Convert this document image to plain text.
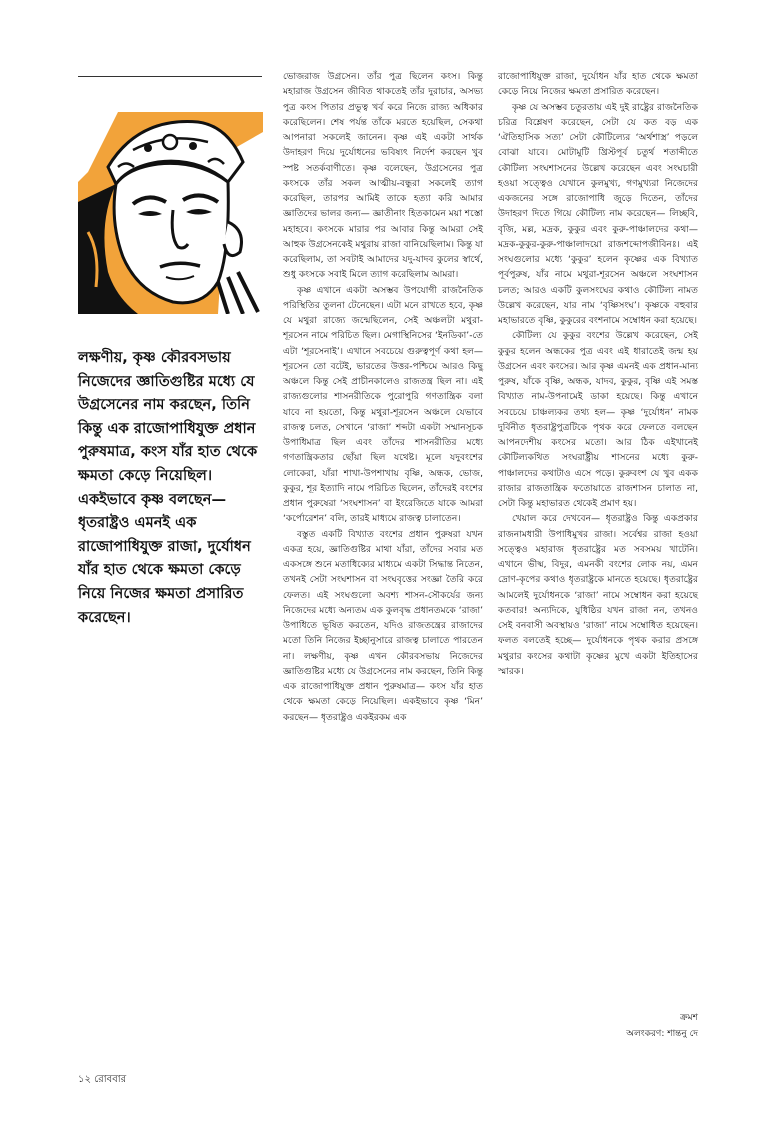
লক্ষণীয়, কৃষ্ণ কৌরবসভায় নিজেদের জ্ঞাতিগুষ্টির মধ্যে যে উগ্রসেনের নাম করছেন, তিনি কিন্তু এক রাজোপাধিযুক্ত প্রধান পুরুষমাত্র, কংস যাঁর হাত থেকে ক্ষমতা কেড়ে নিয়েছিল। একইভাবে কৃষ্ণ বলছেন— ধৃতরাষ্ট্রও এমনই এক রাজোপাধিযুক্ত রাজা, দুর্যোধন যাঁর হাত থেকে ক্ষমতা কেড়ে নিয়ে নিজের ক্ষমতা প্রসারিত করেছেন।

ভোজরাজ উগ্রসেন। তাঁর পুত্র ছিলেন কংস। কিন্তু মহারাজ উগ্রসেন জীবিত থাকতেই তাঁর দুরাচার, অসভ্য পুত্র কংস পিতার প্রভুত্ব খর্ব করে নিজে রাজ্য অধিকার করেছিলেন। শেষ পর্যন্ত তাঁকে মরতে হয়েছিল, সেকথা আপনারা সকলেই জানেন। কৃষ্ণ এই একটা সার্থক উদাহরণ দিয়ে দুর্যোধনের ভবিষ্যৎ নির্দেশ করছেন খুব স্পষ্ট সতর্কবাণীতে। কৃষ্ণ বলেছেন, উগ্রসেনের পুত্র কংসকে তাঁর সকল আত্মীয়-বন্ধুরা সকলেই ত্যাগ করেছিল, তারপর আমিই তাকে হত্যা করি আমার জ্ঞাতিদের ভালর জন্য— জ্ঞাতীনাং হিতকামেন ময়া শস্তো মহাহবে। কংসকে মারার পর আবার কিন্তু আমরা সেই আহুক উগ্রসেনকেই মথুরায় রাজা বানিয়েছিলাম। কিন্তু যা করেছিলাম, তা সবটাই আমাদের যদু-যাদব কুলের স্বার্থে, শুধু কংসকে সবাই মিলে ত্যাগ করেছিলাম আমরা।

কৃষ্ণ এখানে একটা অসম্ভব উপযোগী রাজনৈতিক পরিস্থিতির তুলনা টেনেছেন। এটা মনে রাখতে হবে, কৃষ্ণ যে মথুরা রাজ্যে জন্মেছিলেন, সেই অঞ্চলটা মথুরা-শূরসেন নামে পরিচিত ছিল। মেগাস্থিনিসের ‘ইনডিকা’-তে এটা ‘শূরসেনাই’। এখানে সবচেয়ে গুরুত্বপূর্ণ কথা হল— শূরসেন তো বটেই, ভারতের উত্তর-পশ্চিমে আরও কিছু অঞ্চলে কিন্তু সেই প্রাচীনকালেও রাজতন্ত্র ছিল না। এই রাজ্যগুলোর শাসনরীতিকে পুরোপুরি গণতান্ত্রিক বলা যাবে না হয়তো, কিন্তু মথুরা-শূরসেন অঞ্চলে যেভাবে রাজত্ব চলত, সেখানে ‘রাজা’ শব্দটা একটা সম্মানসূচক উপাধিমাত্র ছিল এবং তাঁদের শাসনরীতির মধ্যে গণতান্ত্রিকতার ছোঁয়া ছিল যথেষ্ট। মূলে যদুবংশের লোকেরা, যাঁরা শাখা-উপশাখায় বৃষ্ণি, অন্ধক, ভোজ, কুকুর, শূর ইত্যাদি নামে পরিচিত ছিলেন, তাঁদেরই বংশের প্রধান পুরুষেরা ‘সংঘশাসন’ বা ইংরেজিতে যাকে আমরা ‘কর্পোরেশন’ বলি, তারই মাধ্যমে রাজত্ব চালাতেন।

বস্তুত একটি বিখ্যাত বংশের প্রধান পুরুষরা যখন একত্র হয়ে, জ্ঞাতিগুষ্টির মাথা যাঁরা, তাঁদের সবার মত একসঙ্গে শুনে মতাধিক্যের মাধ্যমে একটা সিদ্ধান্ত নিতেন, তখনই সেটা সংঘশাসন বা সংঘবৃত্তের সংজ্ঞা তৈরি করে ফেলত। এই সংঘগুলো অবশ্য শাসন-সৌকর্যের জন্য নিজেদের মধ্যে অন্যতম এক কুলবৃদ্ধ প্রধানতমকে ‘রাজা’ উপাধিতে ভূষিত করতেন, যদিও রাজতন্ত্রের রাজাদের মতো তিনি নিজের ইচ্ছানুসারে রাজত্ব চালাতে পারতেন না। লক্ষণীয়, কৃষ্ণ এখন কৌরবসভায় নিজেদের জ্ঞাতিগুষ্টির মধ্যে যে উগ্রসেনের নাম করছেন, তিনি কিন্তু এক রাজোপাধিযুক্ত প্রধান পুরুষমাত্র— কংস যাঁর হাত থেকে ক্ষমতা কেড়ে নিয়েছিল। একইভাবে কৃষ্ণ ‘মিন’ করছেন— ধৃতরাষ্ট্রও একইরকম এক

রাজোপাধিযুক্ত রাজা, দুর্যোধন যাঁর হাত থেকে ক্ষমতা কেড়ে নিয়ে নিজের ক্ষমতা প্রসারিত করেছেন।

কৃষ্ণ যে অসম্ভব চতুরতায় এই দুই রাষ্ট্রের রাজনৈতিক চরিত্র বিশ্লেষণ করেছেন, সেটা যে কত বড় এক ‘ঐতিহাসিক সত্য’ সেটা কৌটিল্যের ‘অর্থশাস্ত্র’ পড়লে বোঝা যাবে। মোটামুটি খ্রিস্টপূর্ব চতুর্থ শতাব্দীতে কৌটিল্য সংঘশাসনের উল্লেখ করেছেন এবং সংঘচারী হওয়া সত্ত্বেও যেখানে কুলমুখ্য, গণমুখ্যরা নিজেদের একজনের সঙ্গে রাজোপাধি জুড়ে দিতেন, তাঁদের উদাহরণ দিতে গিয়ে কৌটিল্য নাম করেছেন— লিচ্ছবি, বৃজি, মল্ল, মদ্রক, কুকুর এবং কুরু-পাঞ্চালদের কথা— মদ্রক-কুকুর-কুরু-পাঞ্চালাদয়ো রাজশব্দোপজীবিনঃ। এই সংঘগুলোর মধ্যে ‘কুকুর’ হলেন কৃষ্ণের এক বিখ্যাত পূর্বপুরুষ, যাঁর নামে মথুরা-শূরসেন অঞ্চলে সংঘশাসন চলত; আরও একটি কুলসংঘের কথাও কৌটিল্য নামত উল্লেখ করেছেন, যার নাম ‘বৃষ্ণিসংঘ’। কৃষ্ণকে বহুবার মহাভারতে বৃষ্ণি, কুকুরের বংশনামে সম্বোধন করা হয়েছে।

কৌটিল্য যে কুকুর বংশের উল্লেখ করেছেন, সেই কুকুর হলেন অন্ধকের পুত্র এবং এই ধারাতেই জন্ম হয় উগ্রসেন এবং কংসের। আর কৃষ্ণ এমনই এক প্রধান-মান্য পুরুষ, যাঁকে বৃষ্ণি, অন্ধক, যাদব, কুকুর, বৃষ্ণি এই সমস্ত বিখ্যাত নাম-উপনামেই ডাকা হয়েছে। কিন্তু এখানে সবচেয়ে চাঞ্চল্যকর তথ্য হল— কৃষ্ণ ‘দুর্যোধন’ নামক দুর্বিনীত ধৃতরাষ্ট্রপুত্রটিকে পৃথক করে ফেলতে বলছেন আপনদেশীয় কংসের মতো। আর ঠিক এইখানেই কৌটিল্যকথিত সংঘরাষ্ট্রীয় শাসনের মধ্যে কুরু-পাঞ্চালদের কথাটাও এসে পড়ে। কুরুবংশ যে খুব একক রাজার রাজতান্ত্রিক ফতোয়াতে রাজশাসন চালাত না, সেটা কিন্তু মহাভারত থেকেই প্রমাণ হয়।

খেয়াল করে দেখবেন— ধৃতরাষ্ট্রও কিন্তু একপ্রকার রাজনামধারী উপাধিমুখর রাজা। সর্বেশ্বর রাজা হওয়া সত্ত্বেও মহারাজ ধৃতরাষ্ট্রের মত সবসময় খাটেনি। এখানে ভীষ্ম, বিদুর, এমনকী বংশের লোক নয়, এমন দ্রোণ-কৃপের কথাও ধৃতরাষ্ট্রকে মানতে হয়েছে। ধৃতরাষ্ট্রের আমলেই দুর্যোধনকে ‘রাজা’ নামে সম্বোধন করা হয়েছে কতবার! অন্যদিকে, যুধিষ্ঠির যখন রাজা নন, তখনও সেই বনবাসী অবস্থায়ও ‘রাজা’ নামে সম্বোধিত হয়েছেন। ফলত বলতেই হচ্ছে— দুর্যোধনকে পৃথক করার প্রসঙ্গে মথুরার কংসের কথাটা কৃষ্ণের মুখে একটা ইতিহাসের স্মারক।

ক্রমশ
অলংকরণ: শান্তনু দে
১২ রোববার
